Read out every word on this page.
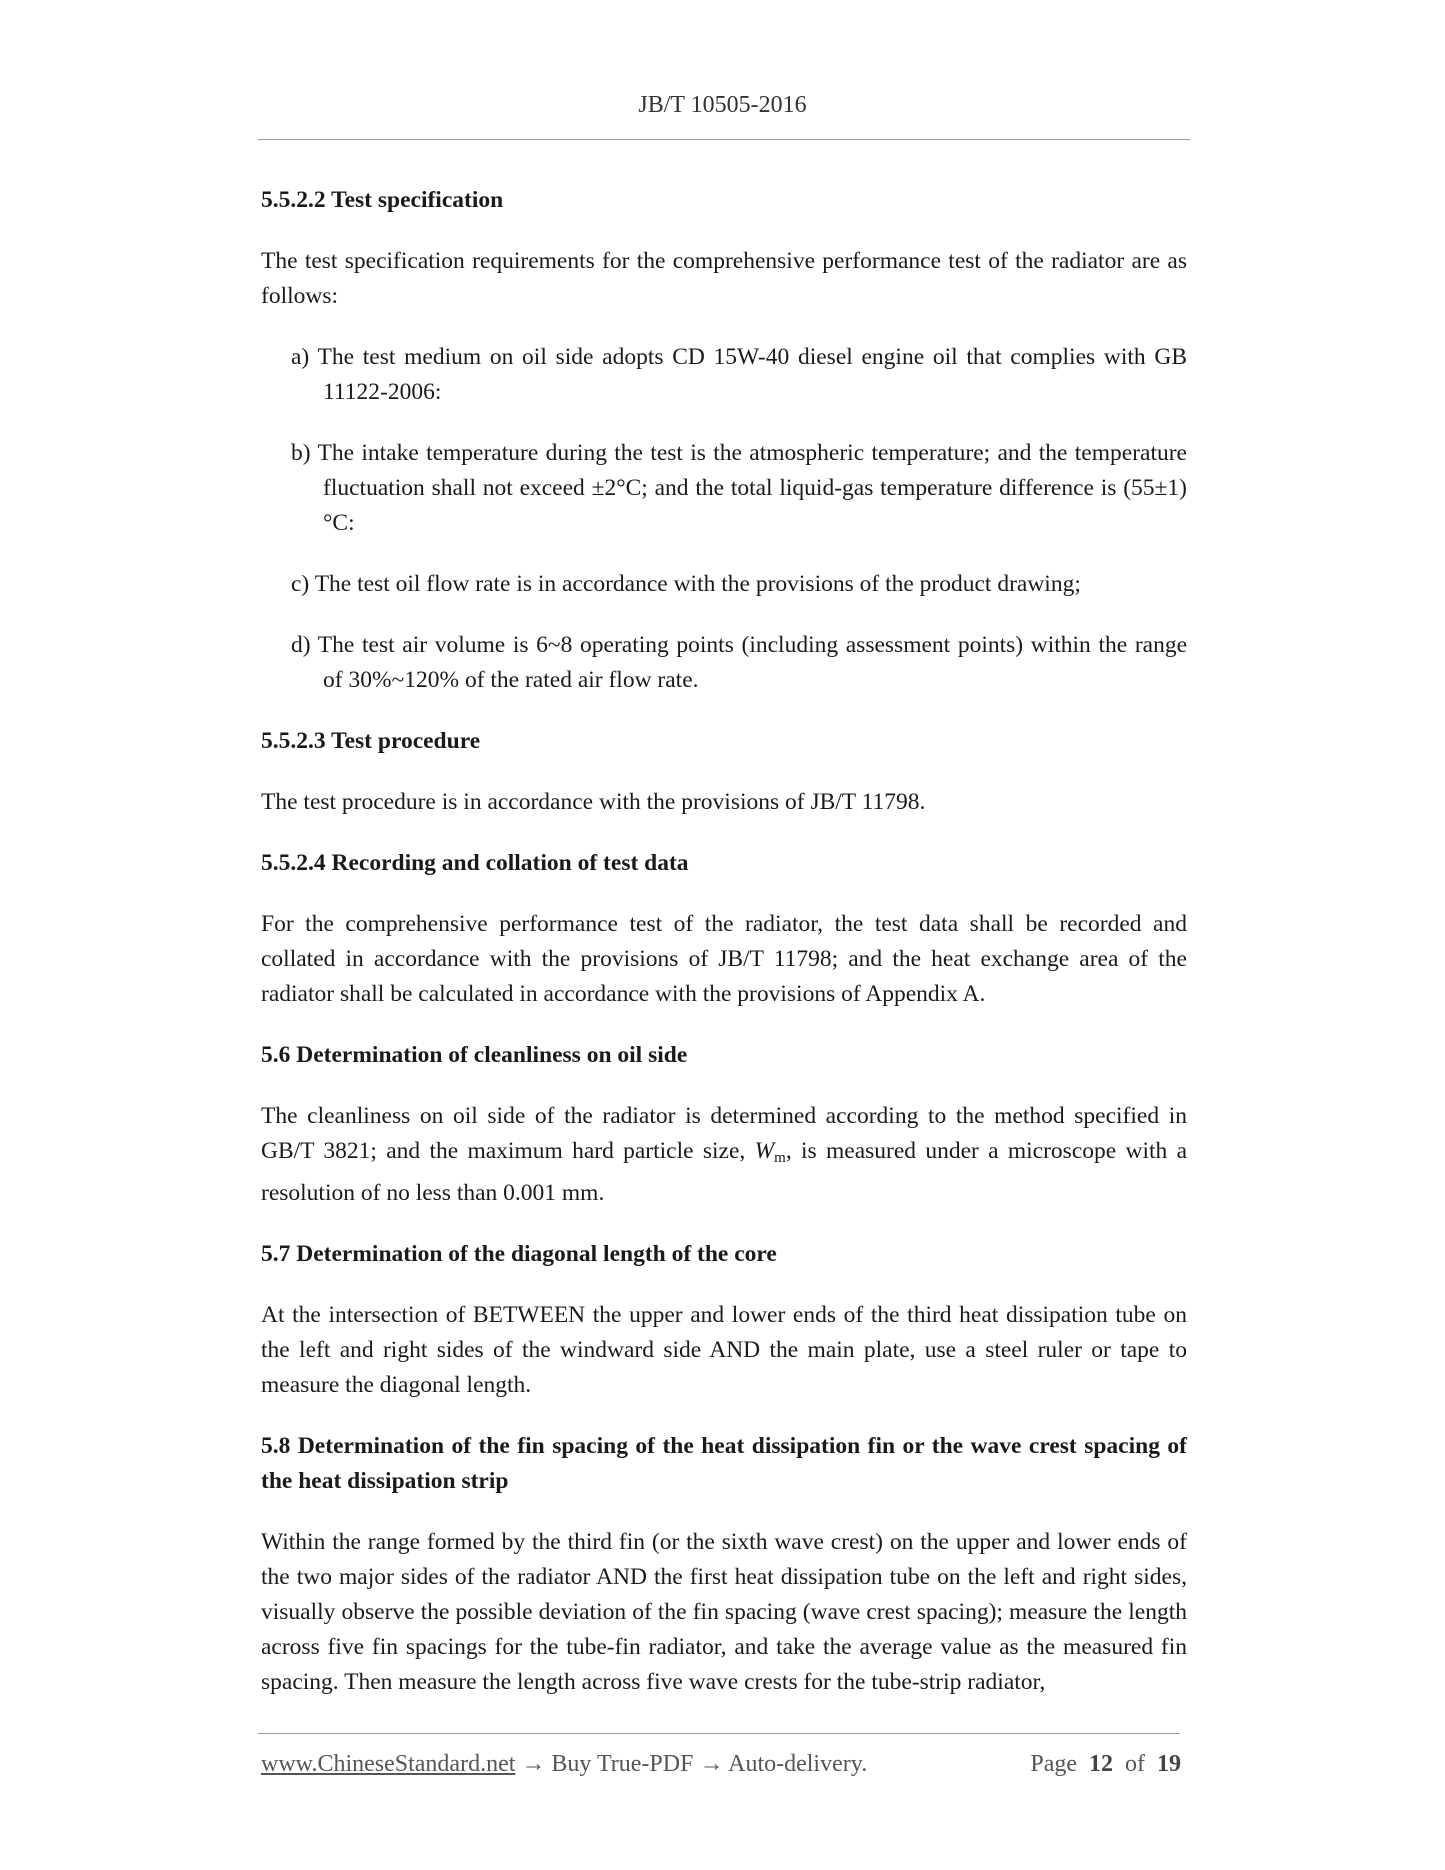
JB/T 10505-2016

5.5.2.2 Test specification

The test specification requirements for the comprehensive performance test of the radiator are as follows:

a) The test medium on oil side adopts CD 15W-40 diesel engine oil that complies with GB 11122-2006:

b) The intake temperature during the test is the atmospheric temperature; and the temperature fluctuation shall not exceed ±2°C; and the total liquid-gas temperature difference is (55±1) °C:

c) The test oil flow rate is in accordance with the provisions of the product drawing;

d) The test air volume is 6~8 operating points (including assessment points) within the range of 30%~120% of the rated air flow rate.

5.5.2.3 Test procedure

The test procedure is in accordance with the provisions of JB/T 11798.

5.5.2.4 Recording and collation of test data

For the comprehensive performance test of the radiator, the test data shall be recorded and collated in accordance with the provisions of JB/T 11798; and the heat exchange area of the radiator shall be calculated in accordance with the provisions of Appendix A.

5.6 Determination of cleanliness on oil side

The cleanliness on oil side of the radiator is determined according to the method specified in GB/T 3821; and the maximum hard particle size, $W_m$, is measured under a microscope with a resolution of no less than 0.001 mm.

5.7 Determination of the diagonal length of the core

At the intersection of BETWEEN the upper and lower ends of the third heat dissipation tube on the left and right sides of the windward side AND the main plate, use a steel ruler or tape to measure the diagonal length.

5.8 Determination of the fin spacing of the heat dissipation fin or the wave crest spacing of the heat dissipation strip

Within the range formed by the third fin (or the sixth wave crest) on the upper and lower ends of the two major sides of the radiator AND the first heat dissipation tube on the left and right sides, visually observe the possible deviation of the fin spacing (wave crest spacing); measure the length across five fin spacings for the tube-fin radiator, and take the average value as the measured fin spacing. Then measure the length across five wave crests for the tube-strip radiator,

www.ChineseStandard.net → Buy True-PDF → Auto-delivery.	Page 12 of 19
